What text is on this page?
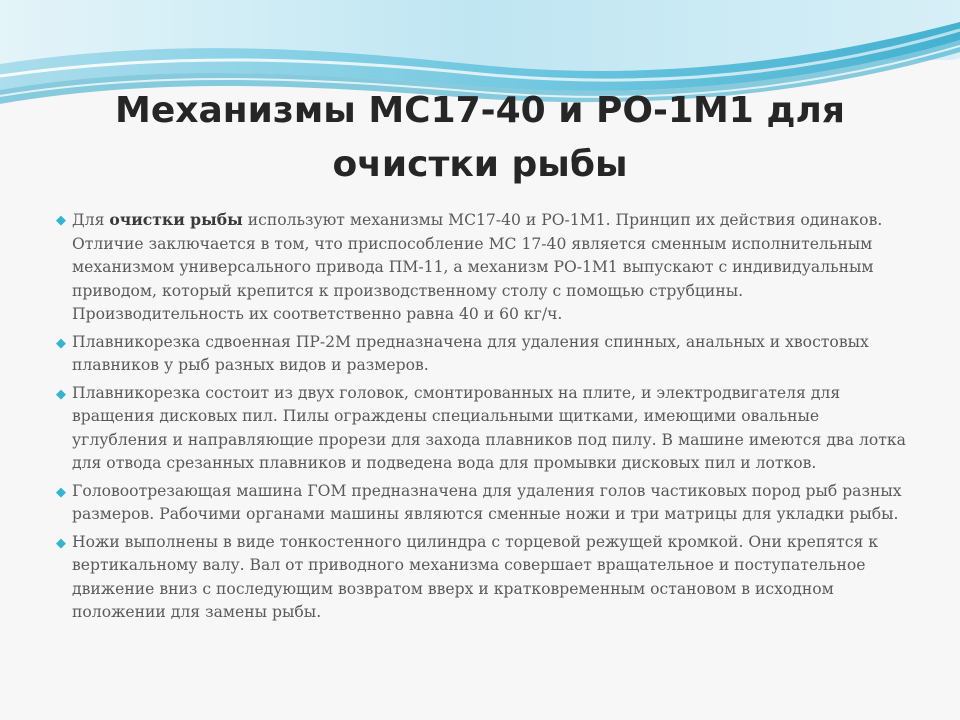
Механизмы МС17-40 и РО-1М1 для
очистки рыбы
◆ Для очистки рыбы используют механизмы МС17-40 и РО-1М1. Принцип их действия одинаков. Отличие заключается в том, что приспособление МС 17-40 является сменным исполнительным механизмом универсального привода ПМ-11, а механизм РО-1М1 выпускают с индивидуальным приводом, который крепится к производственному столу с помощью струбцины. Производительность их соответственно равна 40 и 60 кг/ч.
◆ Плавникорезка сдвоенная ПР-2М предназначена для удаления спинных, анальных и хвостовых плавников у рыб разных видов и размеров.
◆ Плавникорезка состоит из двух головок, смонтированных на плите, и электродвигателя для вращения дисковых пил. Пилы ограждены специальными щитками, имеющими овальные углубления и направляющие прорези для захода плавников под пилу. В машине имеются два лотка для отвода срезанных плавников и подведена вода для промывки дисковых пил и лотков.
◆ Головоотрезающая машина ГОМ предназначена для удаления голов частиковых пород рыб разных размеров. Рабочими органами машины являются сменные ножи и три матрицы для укладки рыбы.
◆ Ножи выполнены в виде тонкостенного цилиндра с торцевой режущей кромкой. Они крепятся к вертикальному валу. Вал от приводного механизма совершает вращательное и поступательное движение вниз с последующим возвратом вверх и кратковременным остановом в исходном положении для замены рыбы.
